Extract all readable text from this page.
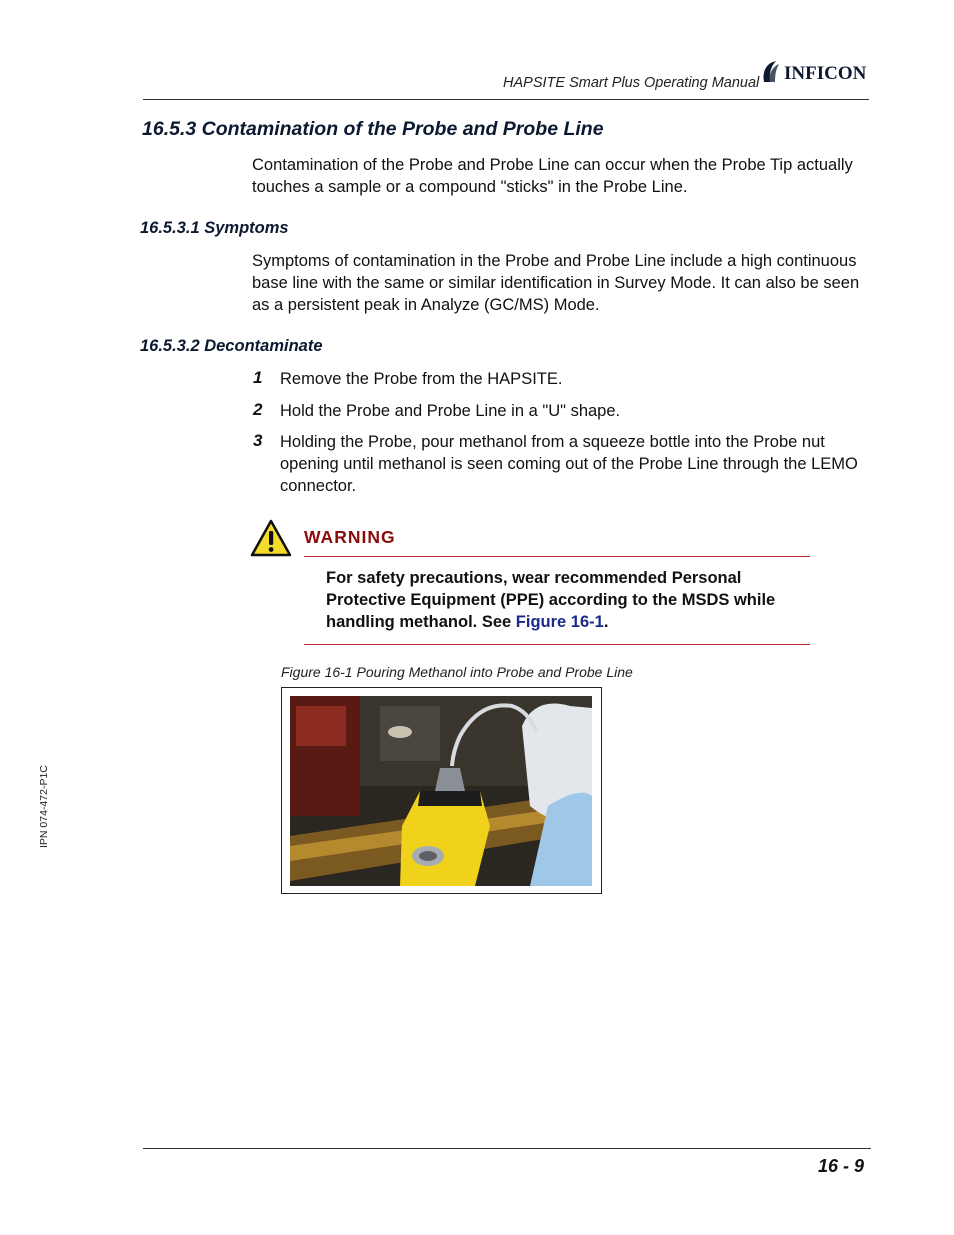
HAPSITE Smart Plus Operating Manual INFICON
16.5.3 Contamination of the Probe and Probe Line
Contamination of the Probe and Probe Line can occur when the Probe Tip actually touches a sample or a compound "sticks" in the Probe Line.
16.5.3.1 Symptoms
Symptoms of contamination in the Probe and Probe Line include a high continuous base line with the same or similar identification in Survey Mode. It can also be seen as a persistent peak in Analyze (GC/MS) Mode.
16.5.3.2 Decontaminate
1 Remove the Probe from the HAPSITE.
2 Hold the Probe and Probe Line in a "U" shape.
3 Holding the Probe, pour methanol from a squeeze bottle into the Probe nut opening until methanol is seen coming out of the Probe Line through the LEMO connector.
WARNING
For safety precautions, wear recommended Personal Protective Equipment (PPE) according to the MSDS while handling methanol. See Figure 16-1.
Figure 16-1 Pouring Methanol into Probe and Probe Line
IPN 074-472-P1C
16 - 9
